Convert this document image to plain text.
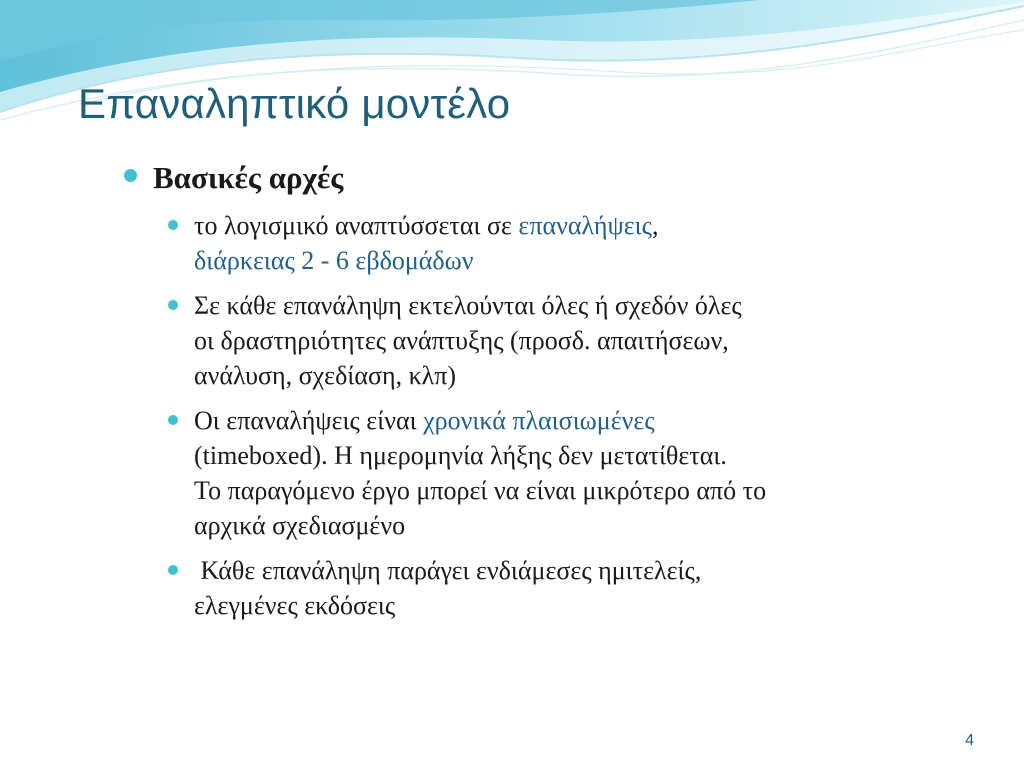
Επαναληπτικό μοντέλο
Βασικές αρχές
το λογισμικό αναπτύσσεται σε επαναλήψεις,
διάρκειας 2 - 6 εβδομάδων
Σε κάθε επανάληψη εκτελούνται όλες ή σχεδόν όλες
οι δραστηριότητες ανάπτυξης (προσδ. απαιτήσεων,
ανάλυση, σχεδίαση, κλπ)
Οι επαναλήψεις είναι χρονικά πλαισιωμένες
(timeboxed). Η ημερομηνία λήξης δεν μετατίθεται.
Το παραγόμενο έργο μπορεί να είναι μικρότερο από το
αρχικά σχεδιασμένο
Κάθε επανάληψη παράγει ενδιάμεσες ημιτελείς,
ελεγμένες εκδόσεις
4
